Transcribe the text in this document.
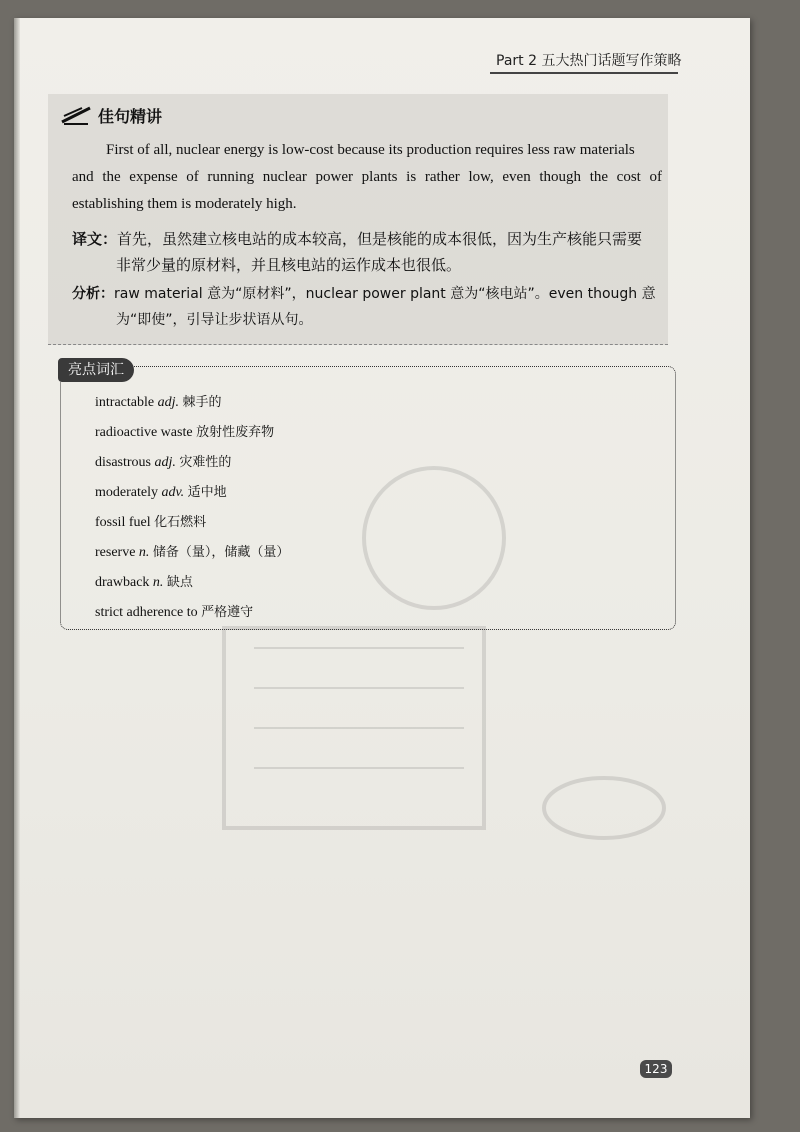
Part 2 五大热门话题写作策略
佳句精讲
First of all, nuclear energy is low-cost because its production requires less raw materials
and the expense of running nuclear power plants is rather low, even though the cost of
establishing them is moderately high.
译文：首先，虽然建立核电站的成本较高，但是核能的成本很低，因为生产核能只需要
非常少量的原材料，并且核电站的运作成本也很低。
分析：raw material 意为“原材料”，nuclear power plant 意为“核电站”。even though 意
为“即使”，引导让步状语从句。
亮点词汇
intractable adj. 棘手的
radioactive waste 放射性废弃物
disastrous adj. 灾难性的
moderately adv. 适中地
fossil fuel 化石燃料
reserve n. 储备（量），储藏（量）
drawback n. 缺点
strict adherence to 严格遵守
123
